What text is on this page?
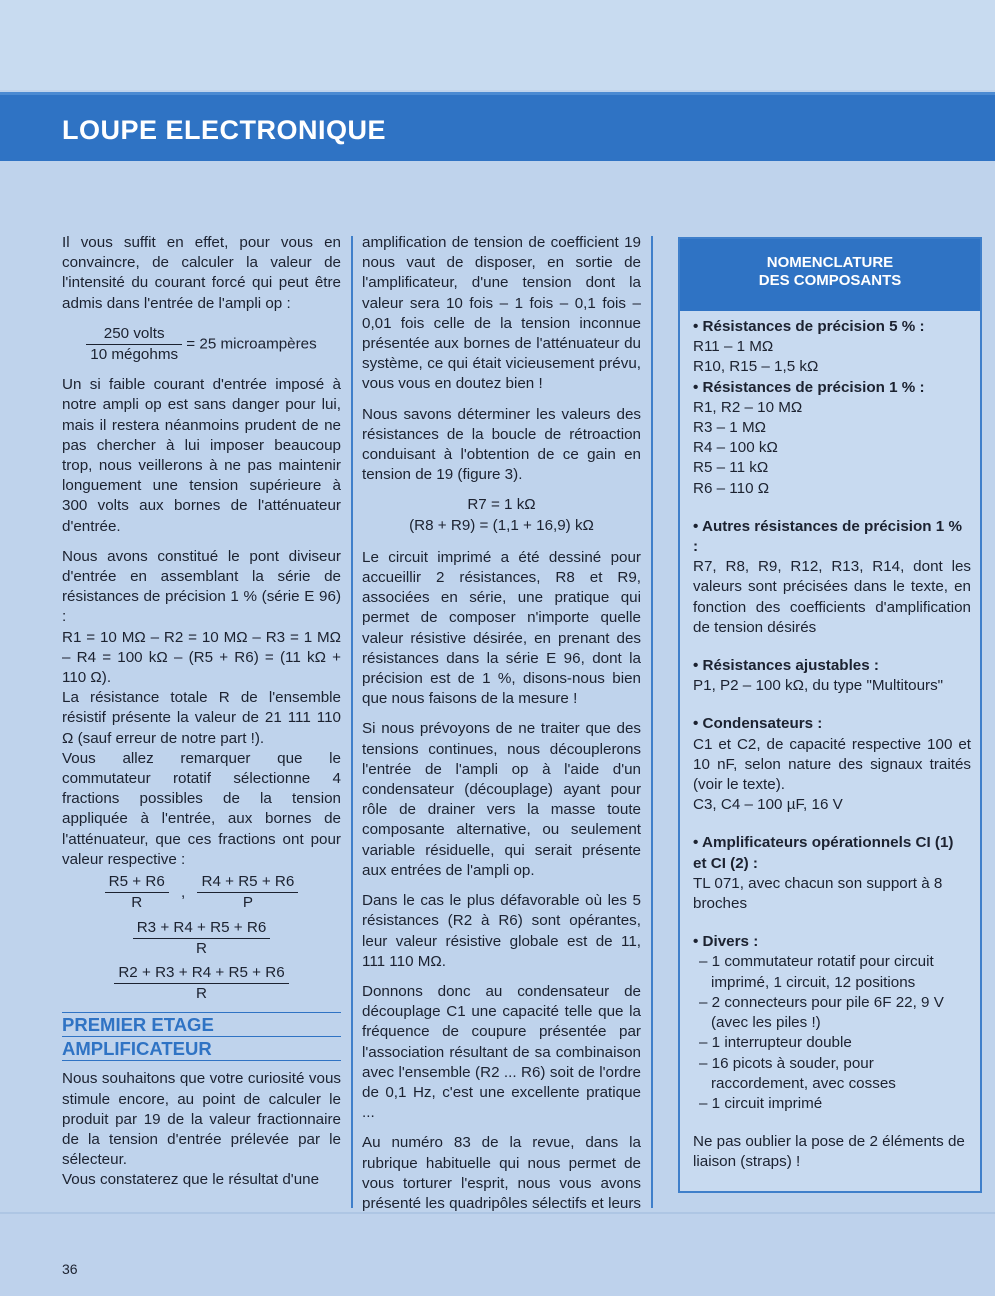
LOUPE ELECTRONIQUE

Il vous suffit en effet, pour vous en convaincre, de calculer la valeur de l'intensité du courant forcé qui peut être admis dans l'entrée de l'ampli op :

$\frac{\text{250 volts}}{\text{10 mégohms}} = 25$ microampères

Un si faible courant d'entrée imposé à notre ampli op est sans danger pour lui, mais il restera néanmoins prudent de ne pas chercher à lui imposer beaucoup trop, nous veillerons à ne pas maintenir longuement une tension supérieure à 300 volts aux bornes de l'atténuateur d'entrée.

Nous avons constitué le pont diviseur d'entrée en assemblant la série de résistances de précision 1 % (série E 96) :

R1 = 10 MΩ – R2 = 10 MΩ – R3 = 1 MΩ – R4 = 100 kΩ – (R5 + R6) = (11 kΩ + 110 Ω).

La résistance totale R de l'ensemble résistif présente la valeur de 21 111 110 Ω (sauf erreur de notre part !).

Vous allez remarquer que le commutateur rotatif sélectionne 4 fractions possibles de la tension appliquée à l'entrée, aux bornes de l'atténuateur, que ces fractions ont pour valeur respective :

$\frac{R5 + R6}{R}$ , $\frac{R4 + R5 + R6}{P}$
$\frac{R3 + R4 + R5 + R6}{R}$
$\frac{R2 + R3 + R4 + R5 + R6}{R}$
PREMIER ETAGE
AMPLIFICATEUR

Nous souhaitons que votre curiosité vous stimule encore, au point de calculer le produit par 19 de la valeur fractionnaire de la tension d'entrée prélevée par le sélecteur.

Vous constaterez que le résultat d'une

amplification de tension de coefficient 19 nous vaut de disposer, en sortie de l'amplificateur, d'une tension dont la valeur sera 10 fois – 1 fois – 0,1 fois – 0,01 fois celle de la tension inconnue présentée aux bornes de l'atténuateur du système, ce qui était vicieusement prévu, vous vous en doutez bien !

Nous savons déterminer les valeurs des résistances de la boucle de rétroaction conduisant à l'obtention de ce gain en tension de 19 (figure 3).

R7 = 1 kΩ
(R8 + R9) = (1,1 + 16,9) kΩ

Le circuit imprimé a été dessiné pour accueillir 2 résistances, R8 et R9, associées en série, une pratique qui permet de composer n'importe quelle valeur résistive désirée, en prenant des résistances dans la série E 96, dont la précision est de 1 %, disons-nous bien que nous faisons de la mesure !

Si nous prévoyons de ne traiter que des tensions continues, nous découplerons l'entrée de l'ampli op à l'aide d'un condensateur (découplage) ayant pour rôle de drainer vers la masse toute composante alternative, ou seulement variable résiduelle, qui serait présente aux entrées de l'ampli op.

Dans le cas le plus défavorable où les 5 résistances (R2 à R6) sont opérantes, leur valeur résistive globale est de 11, 111 110 MΩ.

Donnons donc au condensateur de découplage C1 une capacité telle que la fréquence de coupure présentée par l'association résultant de sa combinaison avec l'ensemble (R2 ... R6) soit de l'ordre de 0,1 Hz, c'est une excellente pratique ...

Au numéro 83 de la revue, dans la rubrique habituelle qui nous permet de vous torturer l'esprit, nous vous avons présenté les quadripôles sélectifs et leurs

NOMENCLATURE
DES COMPOSANTS

• Résistances de précision 5 % :

R11 – 1 MΩ

R10, R15 – 1,5 kΩ

• Résistances de précision 1 % :

R1, R2 – 10 MΩ

R3 – 1 MΩ

R4 – 100 kΩ

R5 – 11 kΩ

R6 – 110 Ω

• Autres résistances de précision 1 % :

R7, R8, R9, R12, R13, R14, dont les valeurs sont précisées dans le texte, en fonction des coefficients d'amplification de tension désirés

• Résistances ajustables :

P1, P2 – 100 kΩ, du type "Multitours"

• Condensateurs :

C1 et C2, de capacité respective 100 et 10 nF, selon nature des signaux traités (voir le texte).

C3, C4 – 100 µF, 16 V

• Amplificateurs opérationnels CI (1) et CI (2) :

TL 071, avec chacun son support à 8 broches

• Divers :

– 1 commutateur rotatif pour circuit imprimé, 1 circuit, 12 positions
– 2 connecteurs pour pile 6F 22, 9 V (avec les piles !)
– 1 interrupteur double
– 16 picots à souder, pour raccordement, avec cosses
– 1 circuit imprimé

Ne pas oublier la pose de 2 éléments de liaison (straps) !

36
